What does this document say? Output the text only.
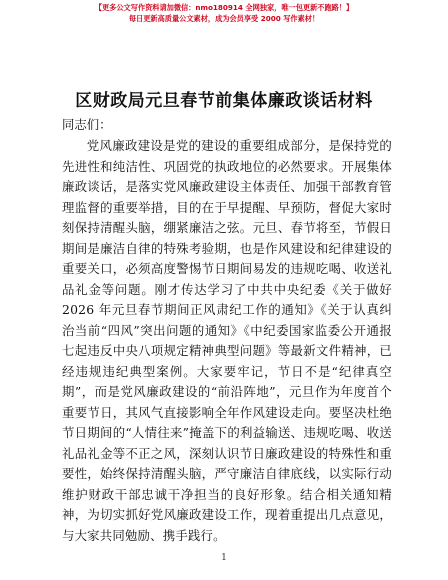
【更多公文写作资料请加微信：nmo180914 全网独家，唯一包更新不跑路！】
每日更新高质量公文素材，成为会员享受 2000 写作素材！
区财政局元旦春节前集体廉政谈话材料
同志们：

党风廉政建设是党的建设的重要组成部分，是保持党的先进性和纯洁性、巩固党的执政地位的必然要求。开展集体廉政谈话，是落实党风廉政建设主体责任、加强干部教育管理监督的重要举措，目的在于早提醒、早预防，督促大家时刻保持清醒头脑，绷紧廉洁之弦。元旦、春节将至，节假日期间是廉洁自律的特殊考验期，也是作风建设和纪律建设的重要关口，必须高度警惕节日期间易发的违规吃喝、收送礼品礼金等问题。刚才传达学习了中共中央纪委《关于做好 2026 年元旦春节期间正风肃纪工作的通知》《关于认真纠治当前“四风”突出问题的通知》《中纪委国家监委公开通报七起违反中央八项规定精神典型问题》等最新文件精神，已经违规违纪典型案例。大家要牢记，节日不是“纪律真空期”，而是党风廉政建设的“前沿阵地”，元旦作为年度首个重要节日，其风气直接影响全年作风建设走向。要坚决杜绝节日期间的“人情往来”掩盖下的利益输送、违规吃喝、收送礼品礼金等不正之风，深刻认识节日廉政建设的特殊性和重要性，始终保持清醒头脑，严守廉洁自律底线，以实际行动维护财政干部忠诚干净担当的良好形象。结合相关通知精神，为切实抓好党风廉政建设工作，现着重提出几点意见，与大家共同勉励、携手践行。

1
